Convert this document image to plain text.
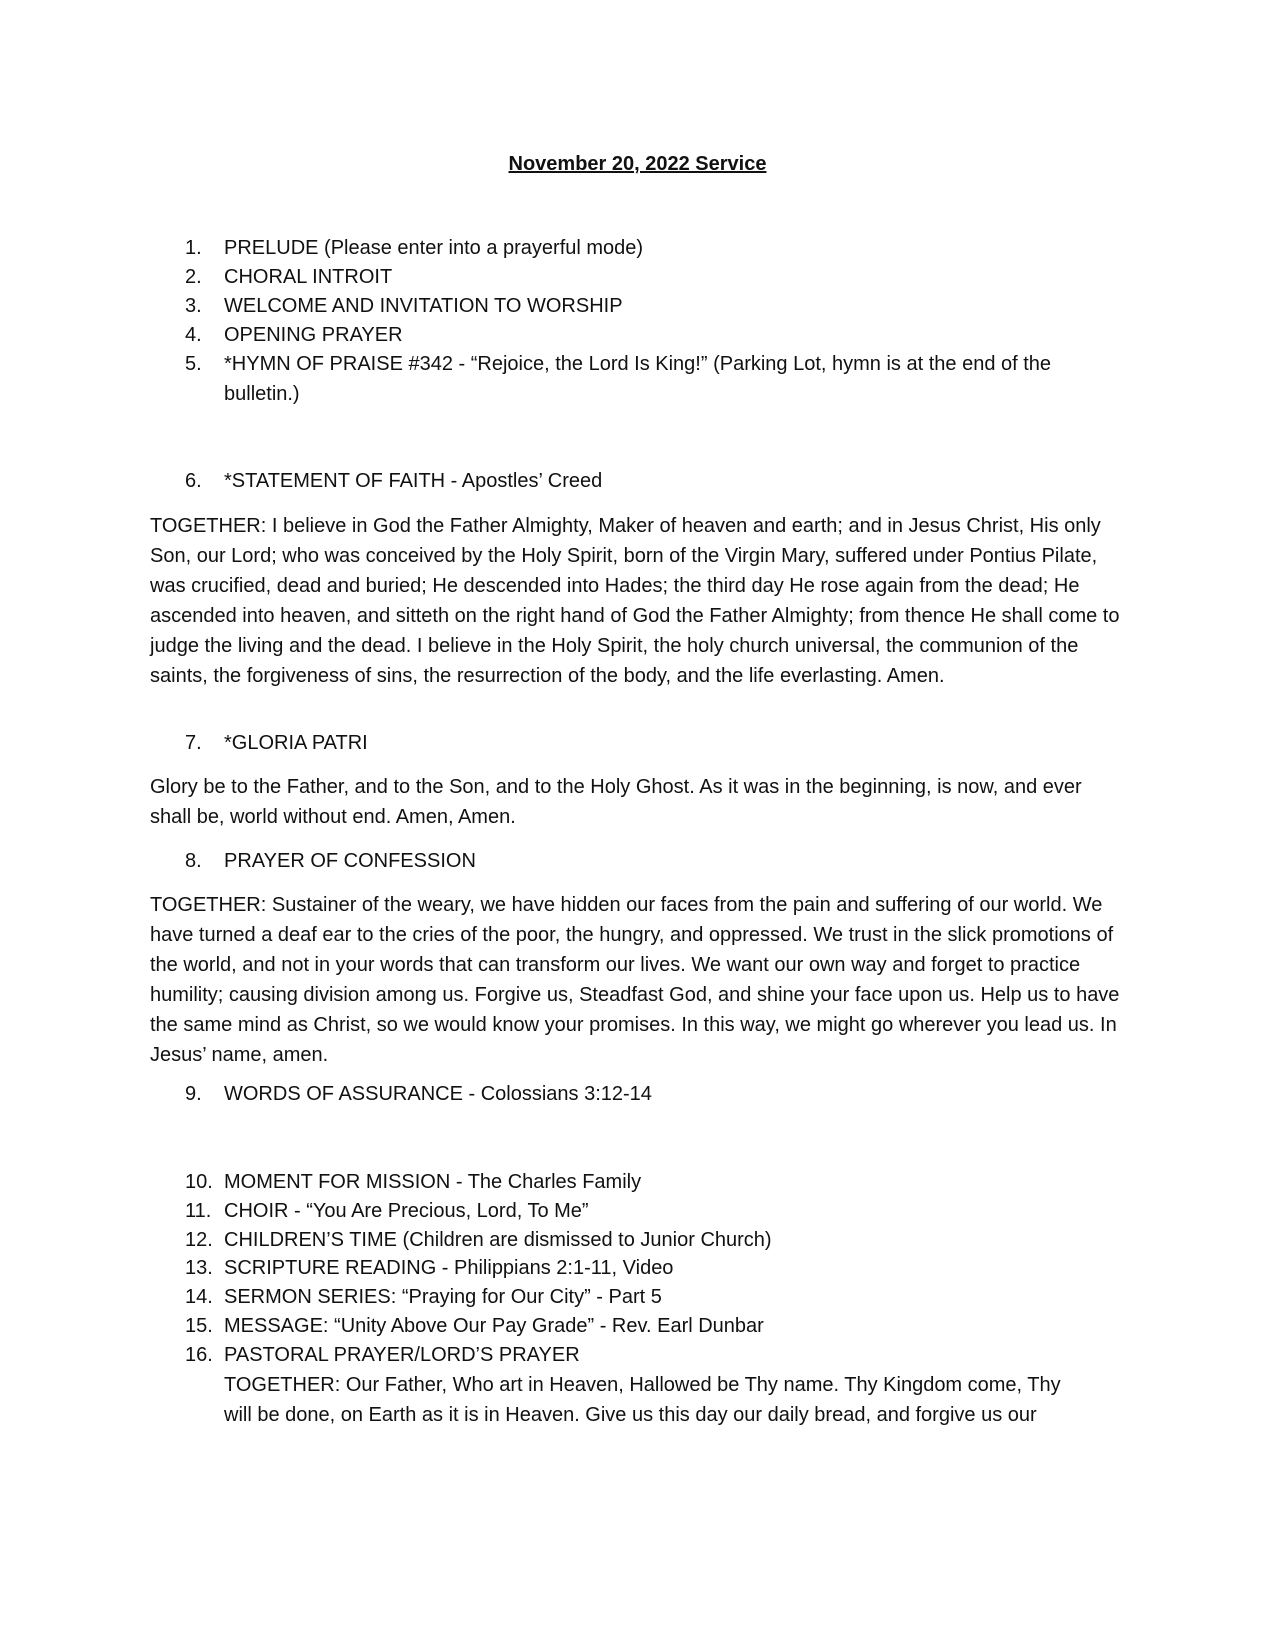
November 20, 2022 Service
1.	PRELUDE (Please enter into a prayerful mode)
2.	CHORAL INTROIT
3.	WELCOME AND INVITATION TO WORSHIP
4.	OPENING PRAYER
5.	*HYMN OF PRAISE #342 - “Rejoice, the Lord Is King!” (Parking Lot, hymn is at the end of the bulletin.)
6.	*STATEMENT OF FAITH - Apostles’ Creed
TOGETHER: I believe in God the Father Almighty, Maker of heaven and earth; and in Jesus Christ, His only Son, our Lord; who was conceived by the Holy Spirit, born of the Virgin Mary, suffered under Pontius Pilate, was crucified, dead and buried; He descended into Hades; the third day He rose again from the dead; He ascended into heaven, and sitteth on the right hand of God the Father Almighty; from thence He shall come to judge the living and the dead. I believe in the Holy Spirit, the holy church universal, the communion of the saints, the forgiveness of sins, the resurrection of the body, and the life everlasting. Amen.
7.	*GLORIA PATRI
Glory be to the Father, and to the Son, and to the Holy Ghost. As it was in the beginning, is now, and ever shall be, world without end. Amen, Amen.
8.	PRAYER OF CONFESSION
TOGETHER: Sustainer of the weary, we have hidden our faces from the pain and suffering of our world. We have turned a deaf ear to the cries of the poor, the hungry, and oppressed. We trust in the slick promotions of the world, and not in your words that can transform our lives. We want our own way and forget to practice humility; causing division among us. Forgive us, Steadfast God, and shine your face upon us. Help us to have the same mind as Christ, so we would know your promises. In this way, we might go wherever you lead us. In Jesus’ name, amen.
9.	WORDS OF ASSURANCE - Colossians 3:12-14
10. MOMENT FOR MISSION - The Charles Family
11. CHOIR - “You Are Precious, Lord, To Me”
12. CHILDREN’S TIME (Children are dismissed to Junior Church)
13. SCRIPTURE READING - Philippians 2:1-11, Video
14. SERMON SERIES: “Praying for Our City” - Part 5
15. MESSAGE: “Unity Above Our Pay Grade” - Rev. Earl Dunbar
16. PASTORAL PRAYER/LORD’S PRAYER
TOGETHER: Our Father, Who art in Heaven, Hallowed be Thy name. Thy Kingdom come, Thy will be done, on Earth as it is in Heaven. Give us this day our daily bread, and forgive us our
